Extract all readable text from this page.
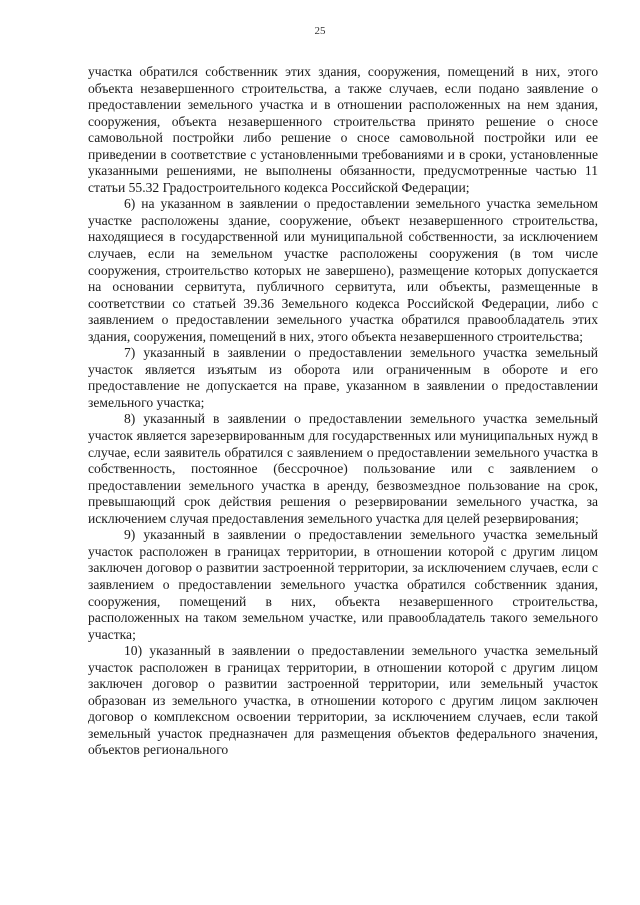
25

участка обратился собственник этих здания, сооружения, помещений в них, этого объекта незавершенного строительства, а также случаев, если подано заявление о предоставлении земельного участка и в отношении расположенных на нем здания, сооружения, объекта незавершенного строительства принято решение о сносе самовольной постройки либо решение о сносе самовольной постройки или ее приведении в соответствие с установленными требованиями и в сроки, установленные указанными решениями, не выполнены обязанности, предусмотренные частью 11 статьи 55.32 Градостроительного кодекса Российской Федерации;

6) на указанном в заявлении о предоставлении земельного участка земельном участке расположены здание, сооружение, объект незавершенного строительства, находящиеся в государственной или муниципальной собственности, за исключением случаев, если на земельном участке расположены сооружения (в том числе сооружения, строительство которых не завершено), размещение которых допускается на основании сервитута, публичного сервитута, или объекты, размещенные в соответствии со статьей 39.36 Земельного кодекса Российской Федерации, либо с заявлением о предоставлении земельного участка обратился правообладатель этих здания, сооружения, помещений в них, этого объекта незавершенного строительства;

7) указанный в заявлении о предоставлении земельного участка земельный участок является изъятым из оборота или ограниченным в обороте и его предоставление не допускается на праве, указанном в заявлении о предоставлении земельного участка;

8) указанный в заявлении о предоставлении земельного участка земельный участок является зарезервированным для государственных или муниципальных нужд в случае, если заявитель обратился с заявлением о предоставлении земельного участка в собственность, постоянное (бессрочное) пользование или с заявлением о предоставлении земельного участка в аренду, безвозмездное пользование на срок, превышающий срок действия решения о резервировании земельного участка, за исключением случая предоставления земельного участка для целей резервирования;

9) указанный в заявлении о предоставлении земельного участка земельный участок расположен в границах территории, в отношении которой с другим лицом заключен договор о развитии застроенной территории, за исключением случаев, если с заявлением о предоставлении земельного участка обратился собственник здания, сооружения, помещений в них, объекта незавершенного строительства, расположенных на таком земельном участке, или правообладатель такого земельного участка;

10) указанный в заявлении о предоставлении земельного участка земельный участок расположен в границах территории, в отношении которой с другим лицом заключен договор о развитии застроенной территории, или земельный участок образован из земельного участка, в отношении которого с другим лицом заключен договор о комплексном освоении территории, за исключением случаев, если такой земельный участок предназначен для размещения объектов федерального значения, объектов регионального
